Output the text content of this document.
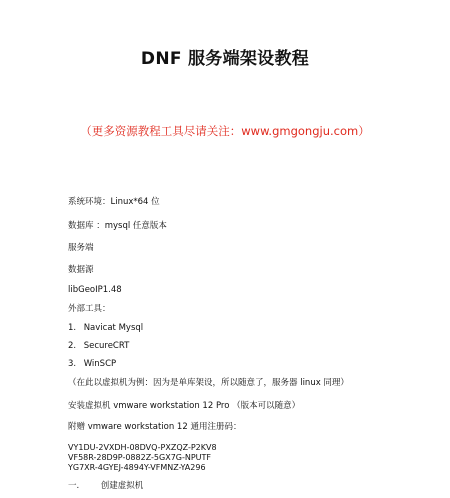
DNF 服务端架设教程
（更多资源教程工具尽请关注：www.gmgongju.com）
系统环境：Linux*64 位
数据库 ：mysql 任意版本
服务端
数据源
libGeoIP1.48
外部工具：
1. Navicat Mysql
2. SecureCRT
3. WinSCP
（在此以虚拟机为例：因为是单库架设，所以随意了，服务器 linux 同理）
安装虚拟机 vmware workstation 12 Pro （版本可以随意）
附赠 vmware workstation 12 通用注册码：
VY1DU-2VXDH-08DVQ-PXZQZ-P2KV8
VF58R-28D9P-0882Z-5GX7G-NPUTF
YG7XR-4GYEJ-4894Y-VFMNZ-YA296
一.	创建虚拟机
